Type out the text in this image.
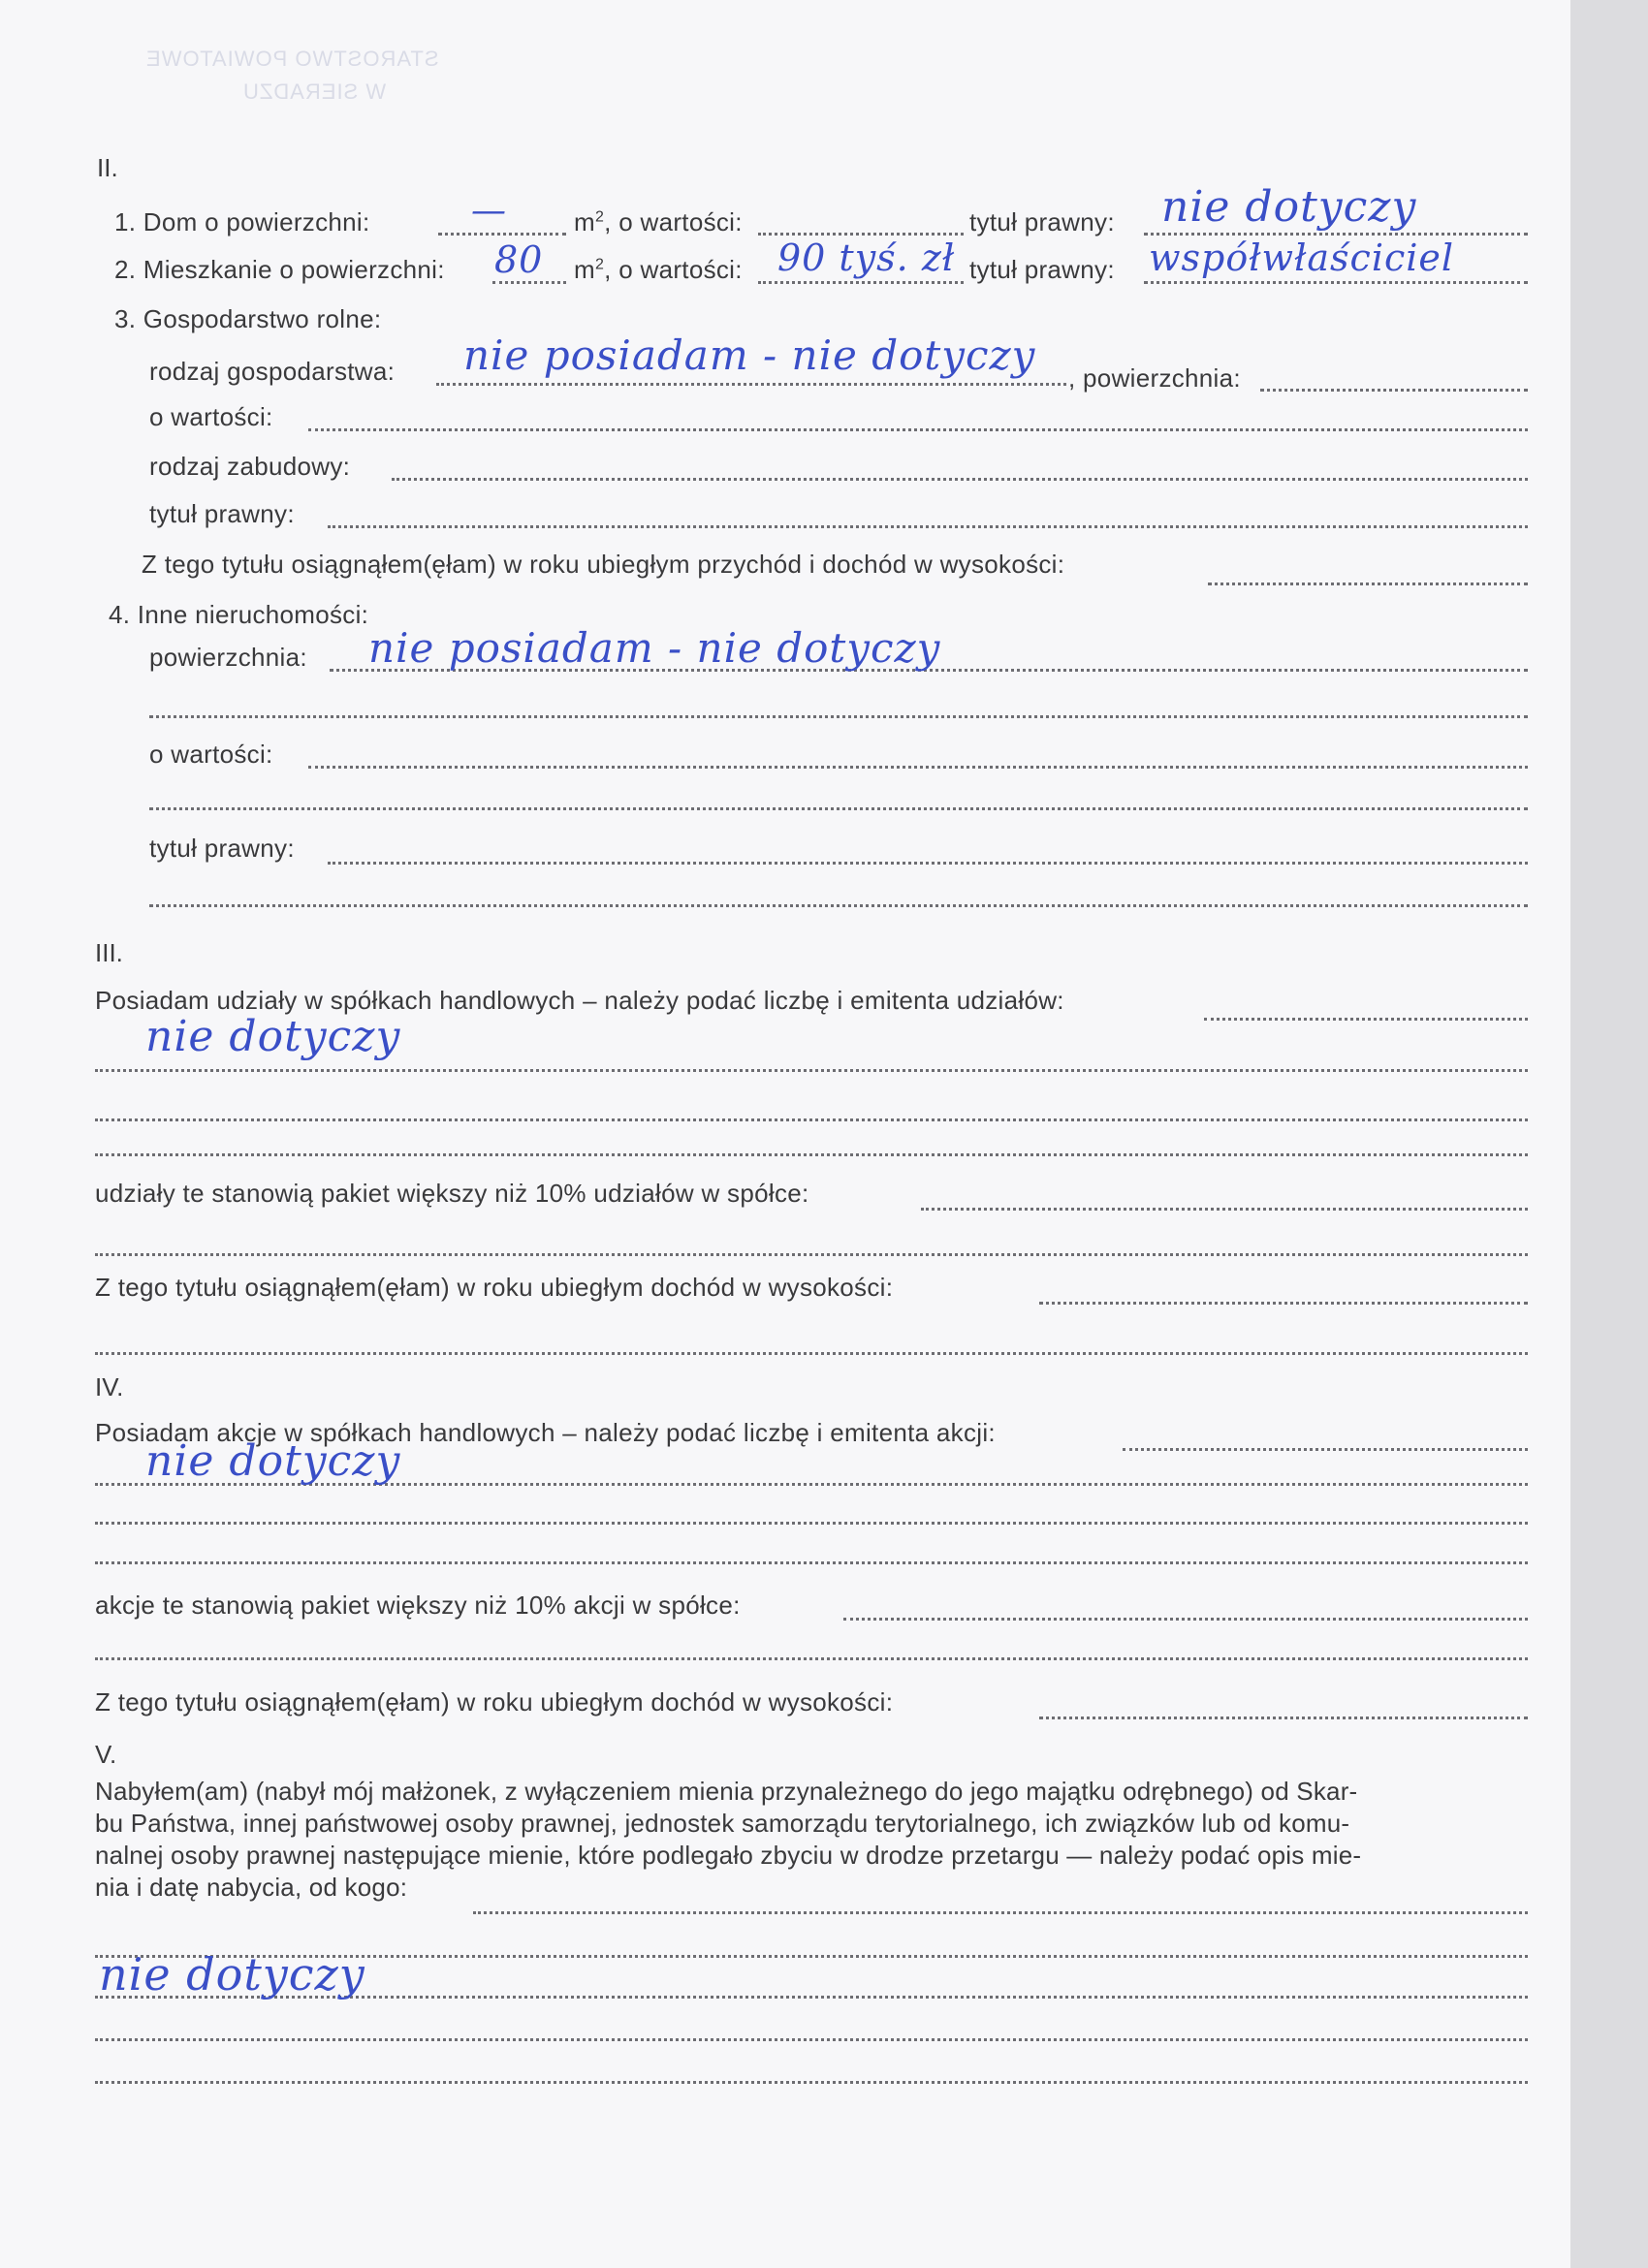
STAROSTWO POWIATOWE
W SIERADZU
II.
1. Dom o powierzchni:	—	$m^2$, o wartości:	tytuł prawny: nie dotyczy
2. Mieszkanie o powierzchni: 80 $m^2$, o wartości: 90 tyś. zł tytuł prawny: współwłaściciel
3. Gospodarstwo rolne:
rodzaj gospodarstwa: nie posiadam - nie dotyczy , powierzchnia:
o wartości:
rodzaj zabudowy:
tytuł prawny:
Z tego tytułu osiągnąłem(ęłam) w roku ubiegłym przychód i dochód w wysokości:
4. Inne nieruchomości:
powierzchnia: nie posiadam - nie dotyczy
o wartości:
tytuł prawny:
III.
Posiadam udziały w spółkach handlowych – należy podać liczbę i emitenta udziałów:
nie dotyczy
udziały te stanowią pakiet większy niż 10% udziałów w spółce:
Z tego tytułu osiągnąłem(ęłam) w roku ubiegłym dochód w wysokości:
IV.
Posiadam akcje w spółkach handlowych – należy podać liczbę i emitenta akcji:
nie dotyczy
akcje te stanowią pakiet większy niż 10% akcji w spółce:
Z tego tytułu osiągnąłem(ęłam) w roku ubiegłym dochód w wysokości:
V.
Nabyłem(am) (nabył mój małżonek, z wyłączeniem mienia przynależnego do jego majątku odrębnego) od Skar-
bu Państwa, innej państwowej osoby prawnej, jednostek samorządu terytorialnego, ich związków lub od komu-
nalnej osoby prawnej następujące mienie, które podlegało zbyciu w drodze przetargu — należy podać opis mie-
nia i datę nabycia, od kogo:
nie dotyczy
